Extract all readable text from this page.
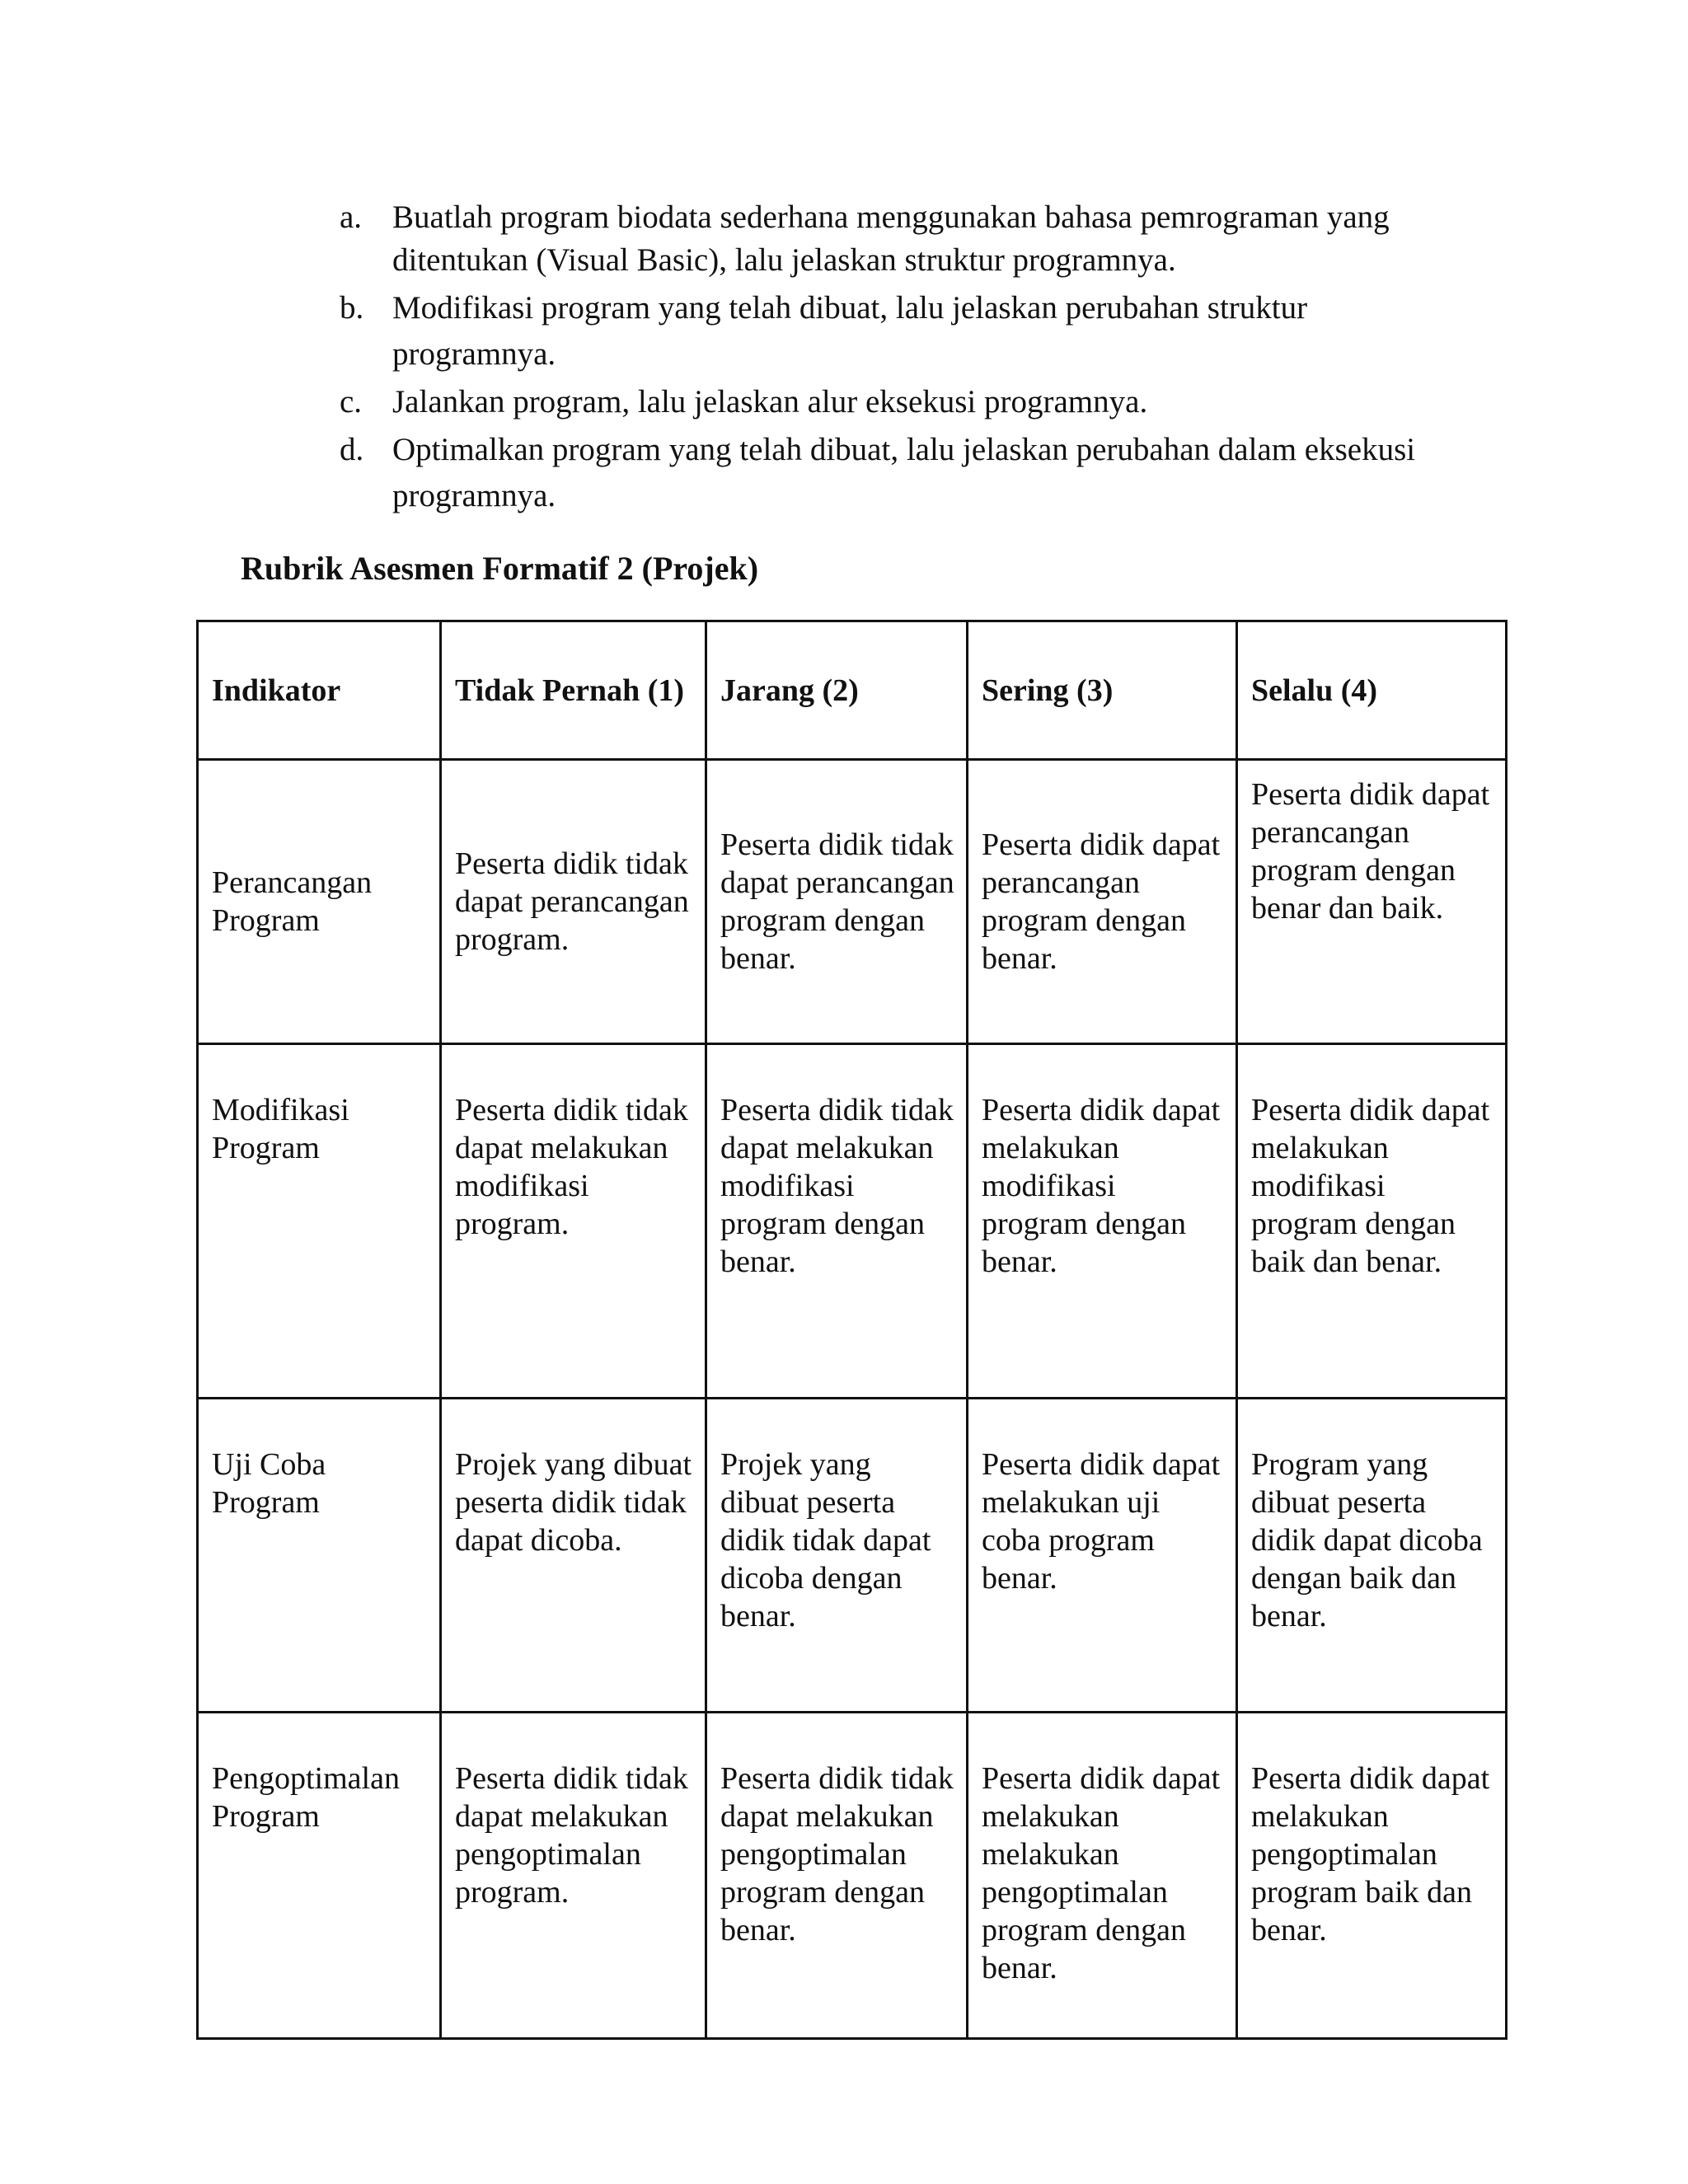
a. Buatlah program biodata sederhana menggunakan bahasa pemrograman yang ditentukan (Visual Basic), lalu jelaskan struktur programnya.
b. Modifikasi program yang telah dibuat, lalu jelaskan perubahan struktur programnya.
c. Jalankan program, lalu jelaskan alur eksekusi programnya.
d. Optimalkan program yang telah dibuat, lalu jelaskan perubahan dalam eksekusi programnya.
Rubrik Asesmen Formatif 2 (Projek)
Indikator	Tidak Pernah (1)	Jarang (2)	Sering (3)	Selalu (4)
Perancangan Program	Peserta didik tidak dapat perancangan program.	Peserta didik tidak dapat perancangan program dengan benar.	Peserta didik dapat perancangan program dengan benar.	Peserta didik dapat perancangan program dengan benar dan baik.
Modifikasi Program	Peserta didik tidak dapat melakukan modifikasi program.	Peserta didik tidak dapat melakukan modifikasi program dengan benar.	Peserta didik dapat melakukan modifikasi program dengan benar.	Peserta didik dapat melakukan modifikasi program dengan baik dan benar.
Uji Coba Program	Projek yang dibuat peserta didik tidak dapat dicoba.	Projek yang dibuat peserta didik tidak dapat dicoba dengan benar.	Peserta didik dapat melakukan uji coba program benar.	Program yang dibuat peserta didik dapat dicoba dengan baik dan benar.
Pengoptimalan Program	Peserta didik tidak dapat melakukan pengoptimalan program.	Peserta didik tidak dapat melakukan pengoptimalan program dengan benar.	Peserta didik dapat melakukan melakukan pengoptimalan program dengan benar.	Peserta didik dapat melakukan pengoptimalan program baik dan benar.
